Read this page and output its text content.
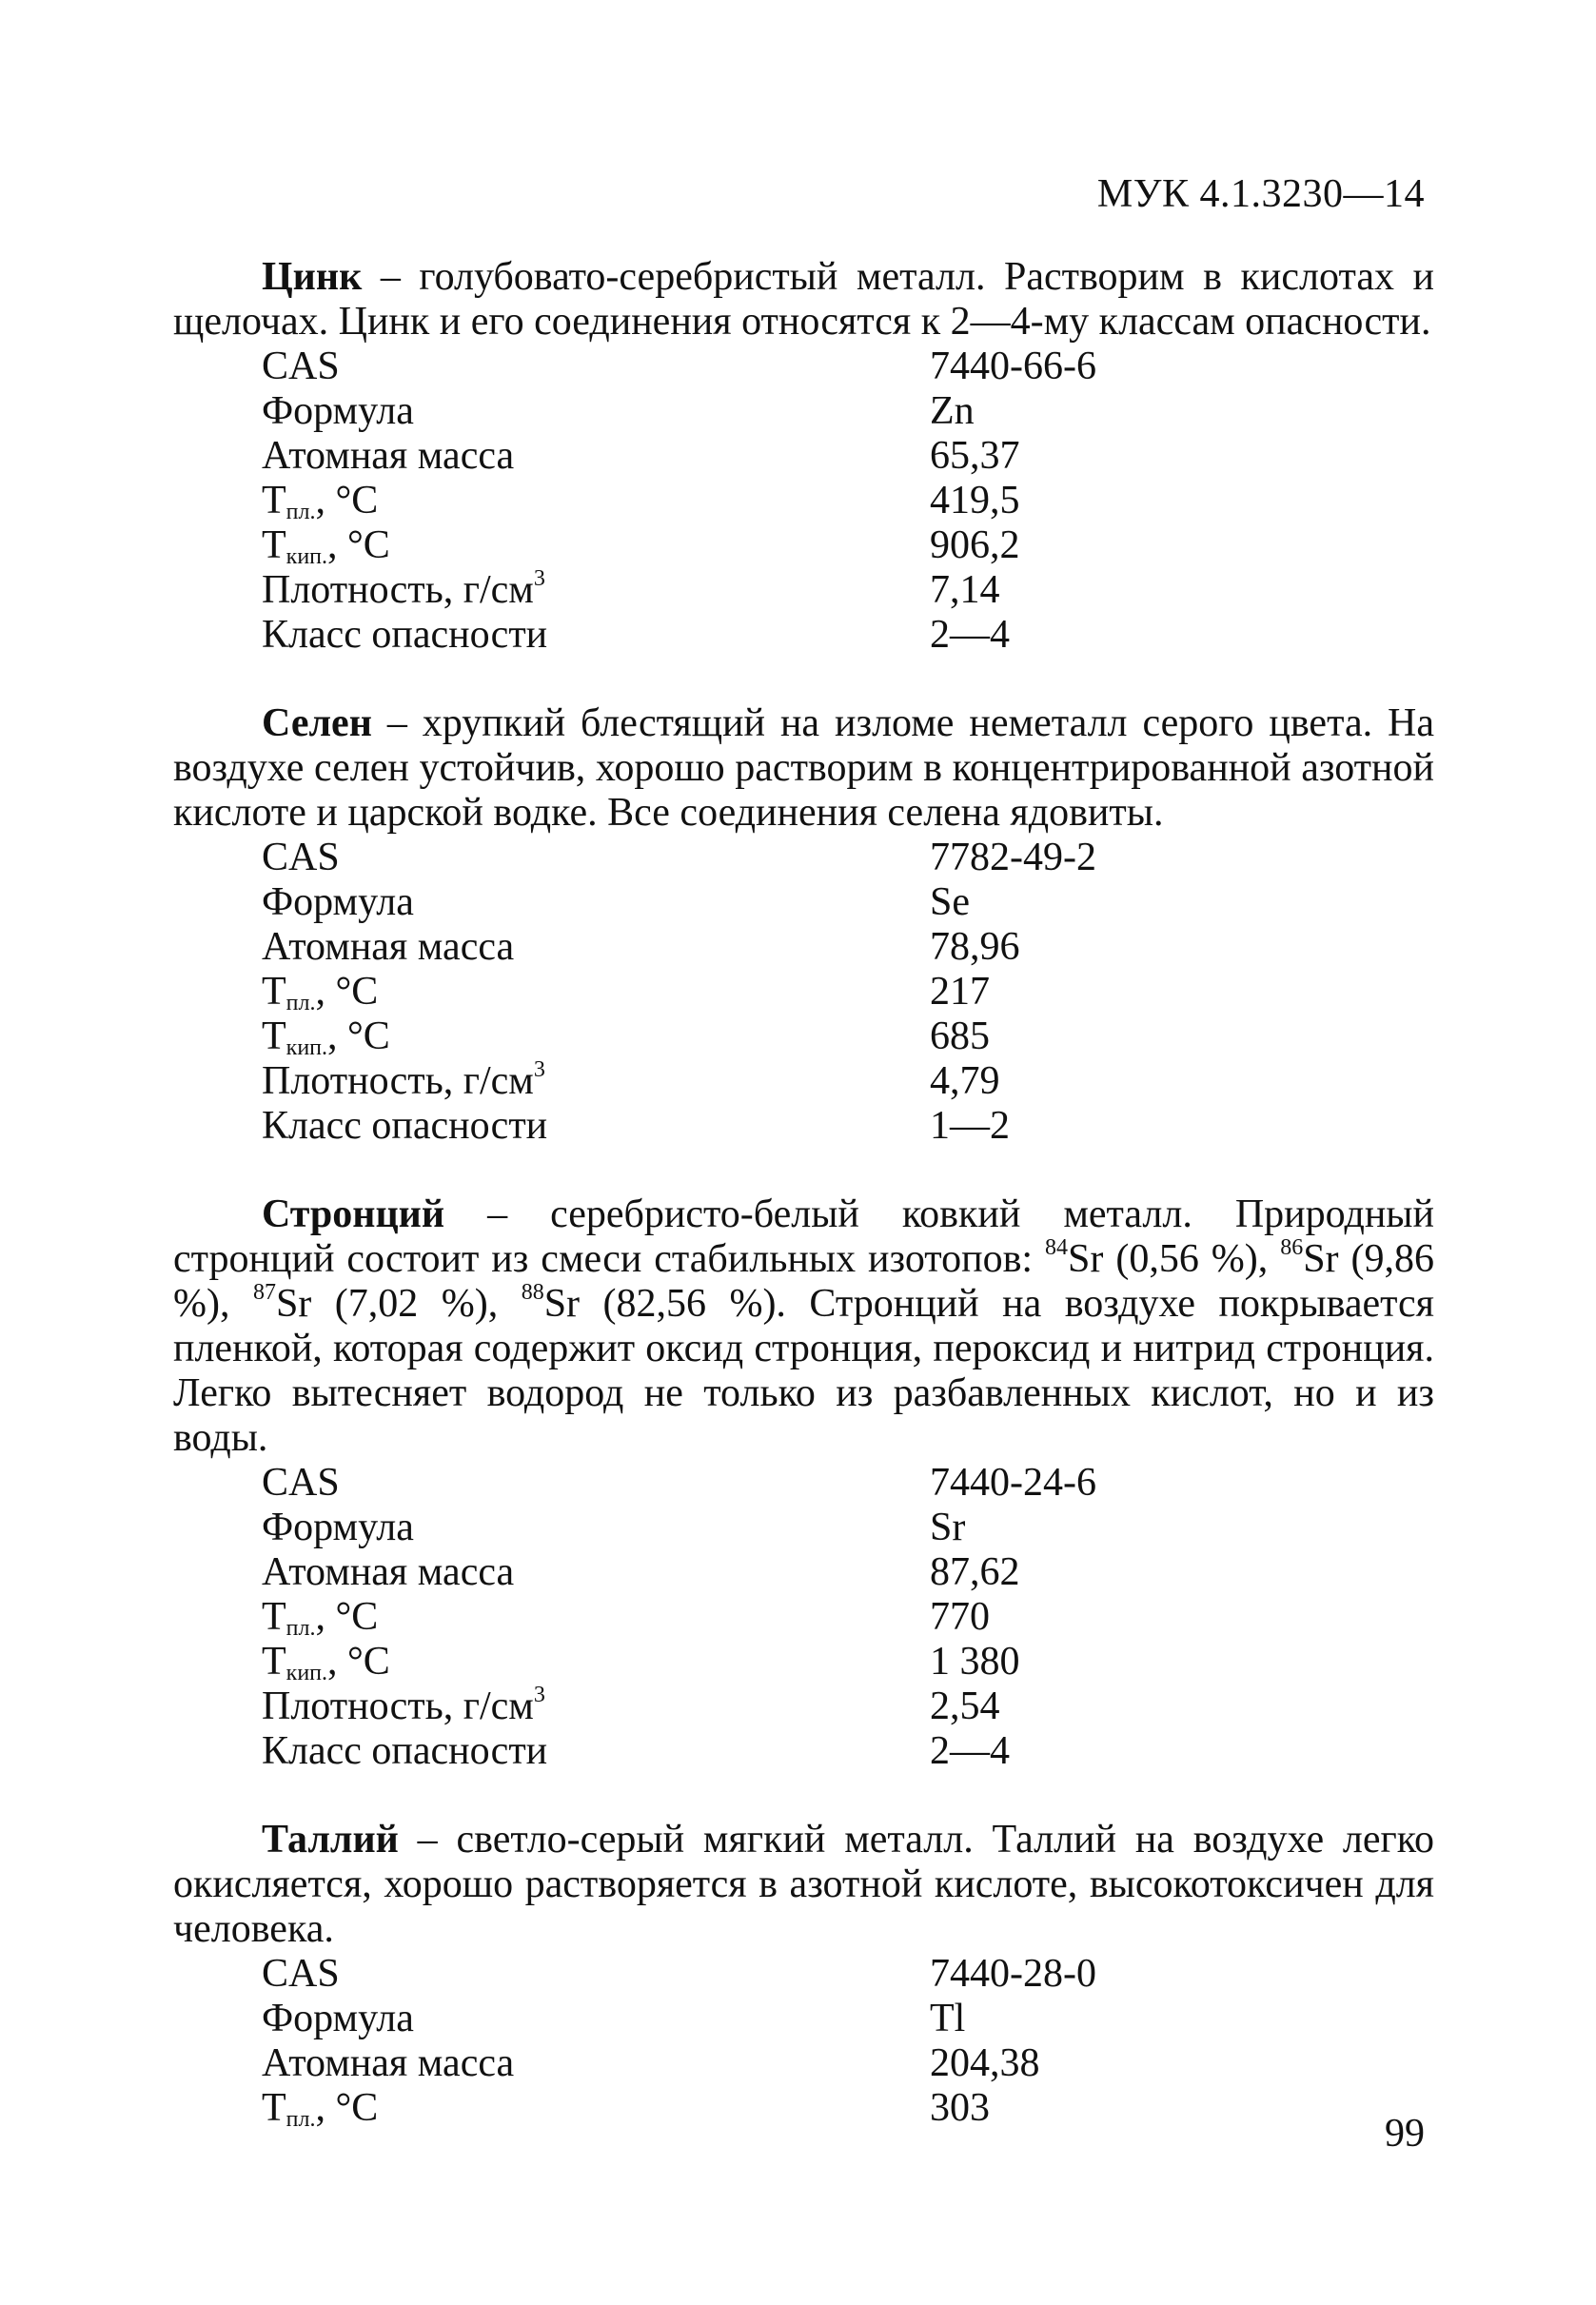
МУК 4.1.3230—14

Цинк – голубовато-серебристый металл. Растворим в кислотах и щелочах. Цинк и его соединения относятся к 2—4-му классам опасности.

CAS	7440-66-6
Формула	Zn
Атомная масса	65,37
$Т_{пл.}$, °С	419,5
$Т_{кип.}$, °С	906,2
Плотность, $г/см^3$	7,14
Класс опасности	2—4

Селен – хрупкий блестящий на изломе неметалл серого цвета. На воздухе селен устойчив, хорошо растворим в концентрированной азотной кислоте и царской водке. Все соединения селена ядовиты.

CAS	7782-49-2
Формула	Se
Атомная масса	78,96
$Т_{пл.}$, °С	217
$Т_{кип.}$, °С	685
Плотность, $г/см^3$	4,79
Класс опасности	1—2

Стронций – серебристо-белый ковкий металл. Природный стронций состоит из смеси стабильных изотопов: $^{84}$Sr (0,56 %), $^{86}$Sr (9,86 %), $^{87}$Sr (7,02 %), $^{88}$Sr (82,56 %). Стронций на воздухе покрывается пленкой, которая содержит оксид стронция, пероксид и нитрид стронция. Легко вытесняет водород не только из разбавленных кислот, но и из воды.

CAS	7440-24-6
Формула	Sr
Атомная масса	87,62
$Т_{пл.}$, °С	770
$Т_{кип.}$, °С	1 380
Плотность, $г/см^3$	2,54
Класс опасности	2—4

Таллий – светло-серый мягкий металл. Таллий на воздухе легко окисляется, хорошо растворяется в азотной кислоте, высокотоксичен для человека.

CAS	7440-28-0
Формула	Tl
Атомная масса	204,38
$Т_{пл.}$, °С	303
99
